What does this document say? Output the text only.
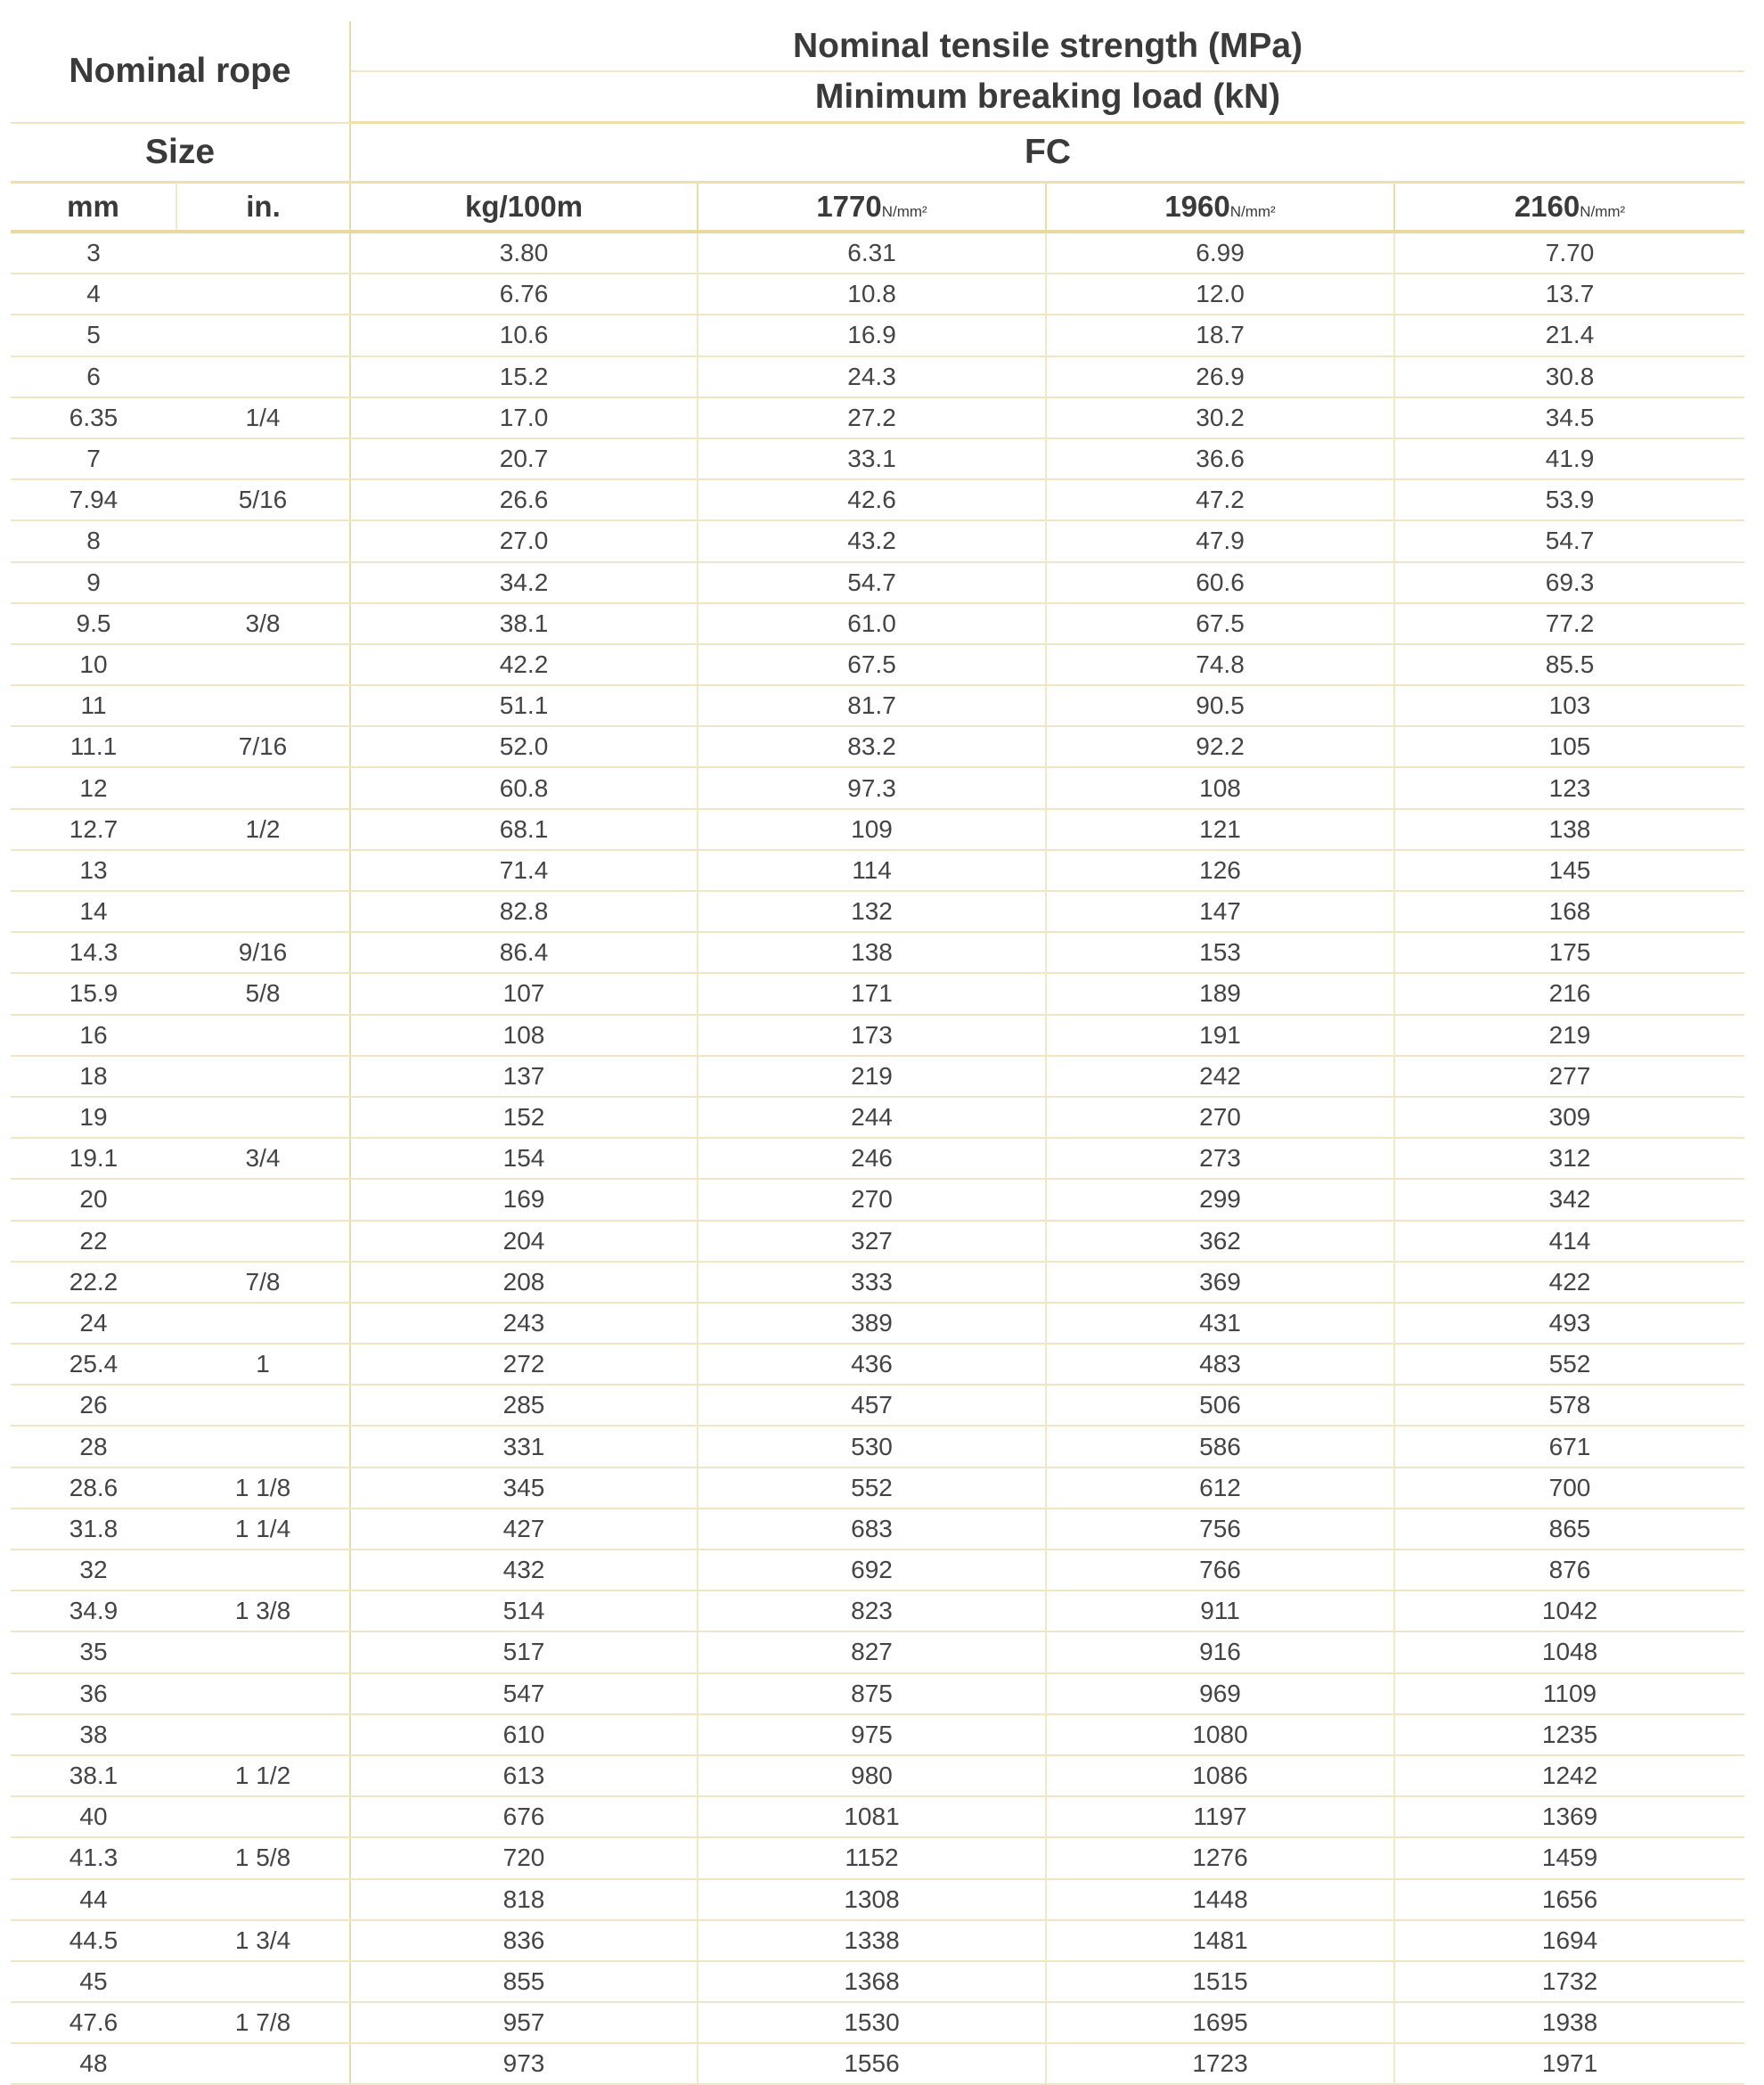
Nominal rope		Nominal tensile strength (MPa)			
		Minimum breaking load (kN)			
Size		FC			
mm	in.	kg/100m	1770N/mm²	1960N/mm²	2160N/mm²
3		3.80	6.31	6.99	7.70
4		6.76	10.8	12.0	13.7
5		10.6	16.9	18.7	21.4
6		15.2	24.3	26.9	30.8
6.35	1/4	17.0	27.2	30.2	34.5
7		20.7	33.1	36.6	41.9
7.94	5/16	26.6	42.6	47.2	53.9
8		27.0	43.2	47.9	54.7
9		34.2	54.7	60.6	69.3
9.5	3/8	38.1	61.0	67.5	77.2
10		42.2	67.5	74.8	85.5
11		51.1	81.7	90.5	103
11.1	7/16	52.0	83.2	92.2	105
12		60.8	97.3	108	123
12.7	1/2	68.1	109	121	138
13		71.4	114	126	145
14		82.8	132	147	168
14.3	9/16	86.4	138	153	175
15.9	5/8	107	171	189	216
16		108	173	191	219
18		137	219	242	277
19		152	244	270	309
19.1	3/4	154	246	273	312
20		169	270	299	342
22		204	327	362	414
22.2	7/8	208	333	369	422
24		243	389	431	493
25.4	1	272	436	483	552
26		285	457	506	578
28		331	530	586	671
28.6	1 1/8	345	552	612	700
31.8	1 1/4	427	683	756	865
32		432	692	766	876
34.9	1 3/8	514	823	911	1042
35		517	827	916	1048
36		547	875	969	1109
38		610	975	1080	1235
38.1	1 1/2	613	980	1086	1242
40		676	1081	1197	1369
41.3	1 5/8	720	1152	1276	1459
44		818	1308	1448	1656
44.5	1 3/4	836	1338	1481	1694
45		855	1368	1515	1732
47.6	1 7/8	957	1530	1695	1938
48		973	1556	1723	1971
